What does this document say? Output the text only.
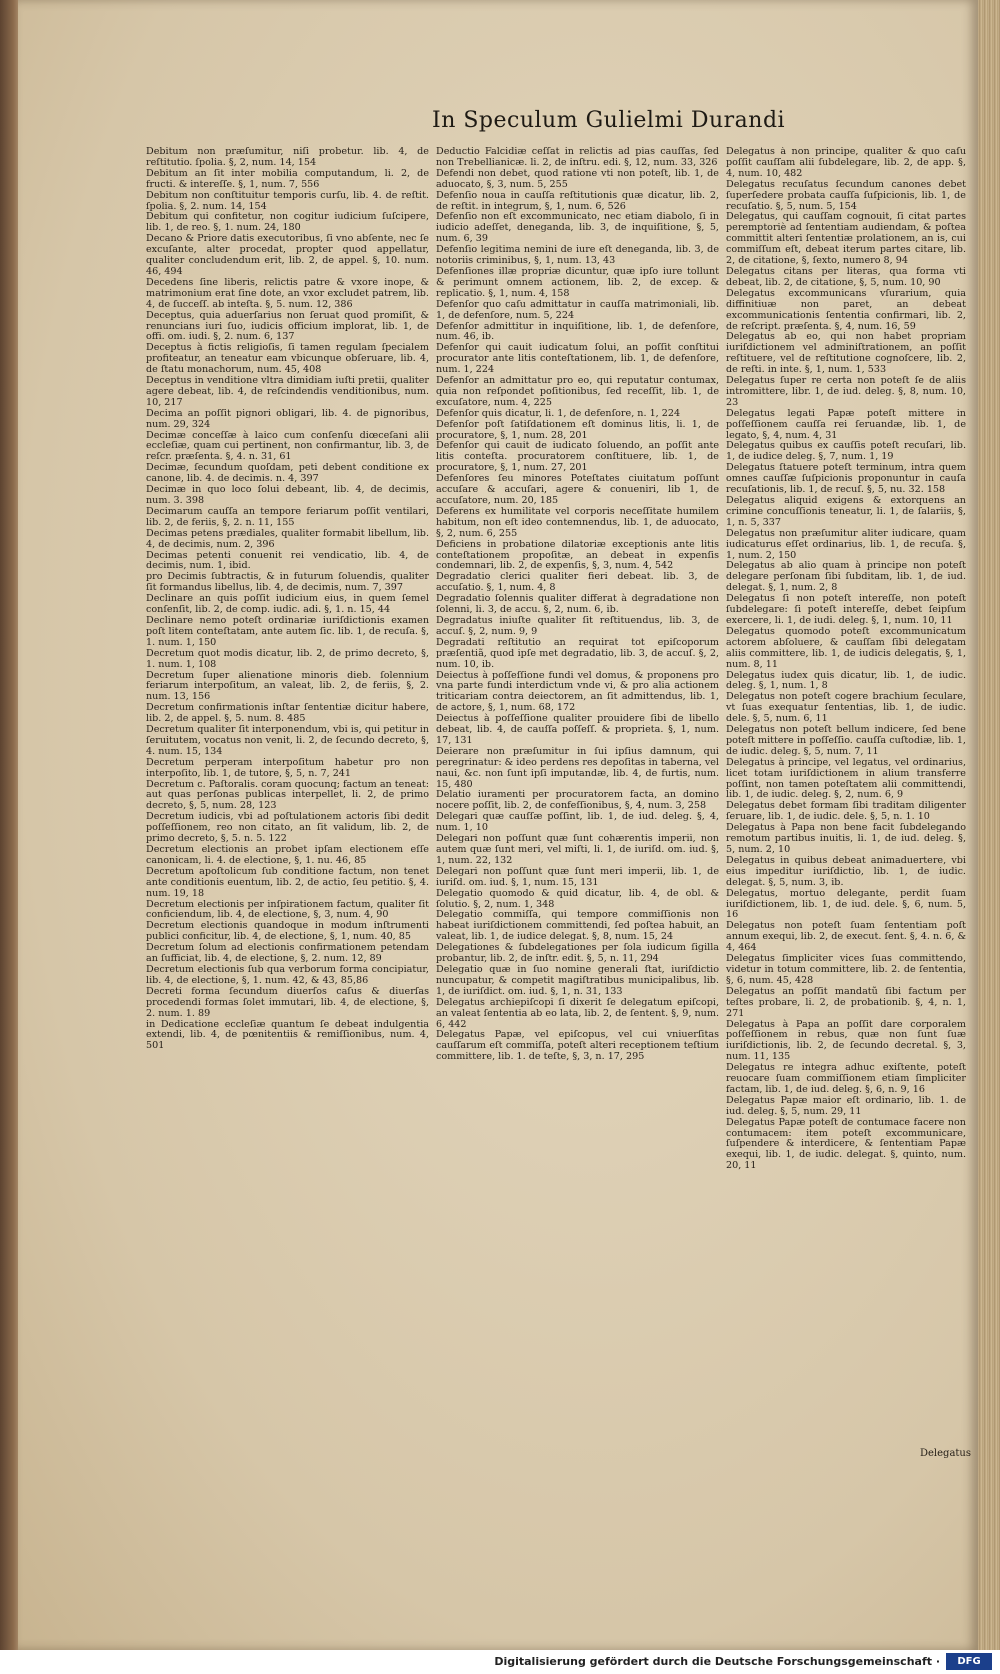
In Speculum Gulielmi Durandi
Debitum non præſumitur, niſi probetur. lib. 4, de reſtitutio. ſpolia. §, 2, num. 14, 154
Debitum an ſit inter mobilia computandum, li. 2, de fructi. & intereſſe. §, 1, num. 7, 556
Debitum non conſtituitur temporis curſu, lib. 4. de reſtit. ſpolia. §, 2. num. 14, 154
Debitum qui confitetur, non cogitur iudicium ſuſcipere, lib. 1, de reo. §, 1. num. 24, 180
Decano & Priore datis executoribus, ſi vno abſente, nec ſe excuſante, alter procedat, propter quod appellatur, qualiter concludendum erit, lib. 2, de appel. §, 10. num. 46, 494
Decedens ſine liberis, relictis patre & vxore inope, & matrimonium erat ſine dote, an vxor excludet patrem, lib. 4, de ſucceſſ. ab inteſta. §, 5. num. 12, 386
Deceptus, quia aduerſarius non ſeruat quod promiſit, & renuncians iuri ſuo, iudicis officium implorat, lib. 1, de offi. om. iudi. §, 2. num. 6, 137
Deceptus à fictis religioſis, ſi tamen regulam ſpecialem profiteatur, an teneatur eam vbicunque obſeruare, lib. 4, de ſtatu monachorum, num. 45, 408
Deceptus in venditione vltra dimidiam iuſti pretii, qualiter agere debeat, lib. 4, de reſcindendis venditionibus, num. 10, 217
Decima an poſſit pignori obligari, lib. 4. de pignoribus, num. 29, 324
Decimæ conceſſæ à laico cum conſenſu diœceſani alii eccleſiæ, quam cui pertinent, non confirmantur, lib. 3, de reſcr. præſenta. §, 4. n. 31, 61
Decimæ, ſecundum quoſdam, peti debent conditione ex canone, lib. 4. de decimis. n. 4, 397
Decimæ in quo loco ſolui debeant, lib. 4, de decimis, num. 3. 398
Decimarum cauſſa an tempore feriarum poſſit ventilari, lib. 2, de feriis, §, 2. n. 11, 155
Decimas petens prædiales, qualiter formabit libellum, lib. 4, de decimis, num. 2, 396
Decimas petenti conuenit rei vendicatio, lib. 4, de decimis, num. 1, ibid.
pro Decimis ſubtractis, & in futurum ſoluendis, qualiter ſit formandus libellus, lib. 4, de decimis, num. 7, 397
Declinare an quis poſſit iudicium eius, in quem ſemel conſenſit, lib. 2, de comp. iudic. adi. §, 1. n. 15, 44
Declinare nemo poteſt ordinariæ iuriſdictionis examen poſt litem conteſtatam, ante autem ſic. lib. 1, de recuſa. §, 1. num. 1, 150
Decretum quot modis dicatur, lib. 2, de primo decreto, §, 1. num. 1, 108
Decretum ſuper alienatione minoris dieb. ſolennium feriarum interpoſitum, an valeat, lib. 2, de feriis, §, 2. num. 13, 156
Decretum confirmationis inſtar ſententiæ dicitur habere, lib. 2, de appel. §, 5. num. 8. 485
Decretum qualiter ſit interponendum, vbi is, qui petitur in ſeruitutem, vocatus non venit, li. 2, de ſecundo decreto, §, 4. num. 15, 134
Decretum perperam interpoſitum habetur pro non interpoſito, lib. 1, de tutore, §, 5, n. 7, 241
Decretum c. Paſtoralis. coram quocunq; factum an teneat: aut quas perſonas publicas interpellet, li. 2, de primo decreto, §, 5, num. 28, 123
Decretum iudicis, vbi ad poſtulationem actoris ſibi dedit poſſeſſionem, reo non citato, an ſit validum, lib. 2, de primo decreto, §, 5. n. 5. 122
Decretum electionis an probet ipſam electionem eſſe canonicam, li. 4. de electione, §, 1. nu. 46, 85
Decretum apoſtolicum ſub conditione factum, non tenet ante conditionis euentum, lib. 2, de actio, ſeu petitio. §, 4. num. 19, 18
Decretum electionis per inſpirationem factum, qualiter ſit conficiendum, lib. 4, de electione, §, 3, num. 4, 90
Decretum electionis quandoque in modum inſtrumenti publici conficitur, lib. 4, de electione, §, 1, num. 40, 85
Decretum ſolum ad electionis confirmationem petendam an ſufficiat, lib. 4, de electione, §, 2. num. 12, 89
Decretum electionis ſub qua verborum forma concipiatur, lib. 4, de electione, §, 1. num. 42, & 43, 85,86
Decreti forma ſecundum diuerſos caſus & diuerſas procedendi formas ſolet immutari, lib. 4, de electione, §, 2. num. 1. 89
in Dedicatione eccleſiæ quantum ſe debeat indulgentia extendi, lib. 4, de pœnitentiis & remiſſionibus, num. 4, 501
Deductio Falcidiæ ceſſat in relictis ad pias cauſſas, ſed non Trebellianicæ. li. 2, de inſtru. edi. §, 12, num. 33, 326
Defendi non debet, quod ratione vti non poteſt, lib. 1, de aduocato, §, 3, num. 5, 255
Defenſio noua in cauſſa reſtitutionis quæ dicatur, lib. 2, de reſtit. in integrum, §, 1, num. 6, 526
Defenſio non eſt excommunicato, nec etiam diabolo, ſi in iudicio adeſſet, deneganda, lib. 3, de inquiſitione, §, 5, num. 6, 39
Defenſio legitima nemini de iure eſt deneganda, lib. 3, de notoriis criminibus, §, 1, num. 13, 43
Defenſiones illæ propriæ dicuntur, quæ ipſo iure tollunt & perimunt omnem actionem, lib. 2, de excep. & replicatio. §, 1, num. 4, 158
Defenſor quo caſu admittatur in cauſſa matrimoniali, lib. 1, de defenſore, num. 5, 224
Defenſor admittitur in inquiſitione, lib. 1, de defenſore, num. 46, ib.
Defenſor qui cauit iudicatum ſolui, an poſſit conſtitui procurator ante litis conteſtationem, lib. 1, de defenſore, num. 1, 224
Defenſor an admittatur pro eo, qui reputatur contumax, quia non reſpondet poſitionibus, ſed receſſit, lib. 1, de excuſatore, num. 4, 225
Defenſor quis dicatur, li. 1, de defenſore, n. 1, 224
Defenſor poſt ſatiſdationem eſt dominus litis, li. 1, de procuratore, §, 1, num. 28, 201
Defenſor qui cauit de iudicato ſoluendo, an poſſit ante litis conteſta. procuratorem conſtituere, lib. 1, de procuratore, §, 1, num. 27, 201
Defenſores ſeu minores Poteſtates ciuitatum poſſunt accuſare & accuſari, agere & conueniri, lib 1, de accuſatore, num. 20, 185
Deferens ex humilitate vel corporis neceſſitate humilem habitum, non eſt ideo contemnendus, lib. 1, de aduocato, §, 2, num. 6, 255
Deficiens in probatione dilatoriæ exceptionis ante litis conteſtationem propoſitæ, an debeat in expenſis condemnari, lib. 2, de expenſis, §, 3, num. 4, 542
Degradatio clerici qualiter fieri debeat. lib. 3, de accuſatio. §, 1, num. 4, 8
Degradatio ſolennis qualiter differat à degradatione non ſolenni, li. 3, de accu. §, 2, num. 6, ib.
Degradatus iniuſte qualiter ſit reſtituendus, lib. 3, de accuſ. §, 2, num. 9, 9
Degradati reſtitutio an requirat tot epiſcoporum præſentiã, quod ipſe met degradatio, lib. 3, de accuſ. §, 2, num. 10, ib.
Deiectus à poſſeſſione fundi vel domus, & proponens pro vna parte fundi interdictum vnde vi, & pro alia actionem triticariam contra deiectorem, an ſit admittendus, lib. 1, de actore, §, 1, num. 68, 172
Deiectus à poſſeſſione qualiter prouidere ſibi de libello debeat, lib. 4, de cauſſa poſſeſſ. & proprieta. §, 1, num. 17, 131
Deierare non præſumitur in ſui ipſius damnum, qui peregrinatur: & ideo perdens res depoſitas in taberna, vel naui, &c. non ſunt ipſi imputandæ, lib. 4, de furtis, num. 15, 480
Delatio iuramenti per procuratorem facta, an domino nocere poſſit, lib. 2, de confeſſionibus, §, 4, num. 3, 258
Delegari quæ cauſſæ poſſint, lib. 1, de iud. deleg. §, 4, num. 1, 10
Delegari non poſſunt quæ ſunt cohærentis imperii, non autem quæ ſunt meri, vel miſti, li. 1, de iuriſd. om. iud. §, 1, num. 22, 132
Delegari non poſſunt quæ ſunt meri imperii, lib. 1, de iuriſd. om. iud. §, 1, num. 15, 131
Delegatio quomodo & quid dicatur, lib. 4, de obl. & ſolutio. §, 2, num. 1, 348
Delegatio commiſſa, qui tempore commiſſionis non habeat iuriſdictionem committendi, ſed poſtea habuit, an valeat, lib. 1, de iudice delegat. §, 8, num. 15, 24
Delegationes & ſubdelegationes per ſola iudicum ſigilla probantur, lib. 2, de inſtr. edit. §, 5, n. 11, 294
Delegatio quæ in ſuo nomine generali ſtat, iuriſdictio nuncupatur, & competit magiſtratibus municipalibus, lib. 1, de iuriſdict. om. iud. §, 1, n. 31, 133
Delegatus archiepiſcopi ſi dixerit ſe delegatum epiſcopi, an valeat ſententia ab eo lata, lib. 2, de ſentent. §, 9, num. 6, 442
Delegatus Papæ, vel epiſcopus, vel cui vniuerſitas cauſſarum eſt commiſſa, poteſt alteri receptionem teſtium committere, lib. 1. de teſte, §, 3, n. 17, 295
Delegatus à non principe, qualiter & quo caſu poſſit cauſſam alii ſubdelegare, lib. 2, de app. §, 4, num. 10, 482
Delegatus recuſatus ſecundum canones debet ſuperſedere probata cauſſa ſuſpicionis, lib. 1, de recuſatio. §, 5, num. 5, 154
Delegatus, qui cauſſam cognouit, ſi citat partes peremptoriè ad ſententiam audiendam, & poſtea committit alteri ſententiæ prolationem, an is, cui commiſſum eſt, debeat iterum partes citare, lib. 2, de citatione, §, ſexto, numero 8, 94
Delegatus citans per literas, qua forma vti debeat, lib. 2, de citatione, §, 5, num. 10, 90
Delegatus excommunicans vſurarium, quia diffinitiuæ non paret, an debeat excommunicationis ſententia confirmari, lib. 2, de reſcript. præſenta. §, 4, num. 16, 59
Delegatus ab eo, qui non habet propriam iuriſdictionem vel adminiſtrationem, an poſſit reſtituere, vel de reſtitutione cognoſcere, lib. 2, de reſti. in inte. §, 1, num. 1, 533
Delegatus ſuper re certa non poteſt ſe de aliis intromittere, libr. 1, de iud. deleg. §, 8, num. 10, 23
Delegatus legati Papæ poteſt mittere in poſſeſſionem cauſſa rei ſeruandæ, lib. 1, de legato, §, 4, num. 4, 31
Delegatus quibus ex cauſſis poteſt recuſari, lib. 1, de iudice deleg. §, 7, num. 1, 19
Delegatus ſtatuere poteſt terminum, intra quem omnes cauſſæ ſuſpicionis proponuntur in cauſa recuſationis, lib. 1, de recuſ. §, 5, nu. 32. 158
Delegatus aliquid exigens & extorquens an crimine concuſſionis teneatur, li. 1, de ſalariis, §, 1, n. 5, 337
Delegatus non præſumitur aliter iudicare, quam iudicaturus eſſet ordinarius, lib. 1, de recuſa. §, 1, num. 2, 150
Delegatus ab alio quam à principe non poteſt delegare perſonam ſibi ſubditam, lib. 1, de iud. delegat. §, 1, num. 2, 8
Delegatus ſi non poteſt intereſſe, non poteſt ſubdelegare: ſi poteſt intereſſe, debet ſeipſum exercere, li. 1, de iudi. deleg. §, 1, num. 10, 11
Delegatus quomodo poteſt excommunicatum actorem abſoluere, & cauſſam ſibi delegatam aliis committere, lib. 1, de iudicis delegatis, §, 1, num. 8, 11
Delegatus iudex quis dicatur, lib. 1, de iudic. deleg. §, 1, num. 1, 8
Delegatus non poteſt cogere brachium ſeculare, vt ſuas exequatur ſententias, lib. 1, de iudic. dele. §, 5, num. 6, 11
Delegatus non poteſt bellum indicere, ſed bene poteſt mittere in poſſeſſio. cauſſa cuſtodiæ, lib. 1, de iudic. deleg. §, 5, num. 7, 11
Delegatus à principe, vel legatus, vel ordinarius, licet totam iuriſdictionem in alium transferre poſſint, non tamen poteſtatem alii committendi, lib. 1, de iudic. deleg. §, 2, num. 6, 9
Delegatus debet formam ſibi traditam diligenter ſeruare, lib. 1, de iudic. dele. §, 5, n. 1. 10
Delegatus à Papa non bene facit ſubdelegando remotum partibus inuitis, li. 1, de iud. deleg. §, 5, num. 2, 10
Delegatus in quibus debeat animaduertere, vbi eius impeditur iuriſdictio, lib. 1, de iudic. delegat. §, 5, num. 3, ib.
Delegatus, mortuo delegante, perdit ſuam iuriſdictionem, lib. 1, de iud. dele. §, 6, num. 5, 16
Delegatus non poteſt ſuam ſententiam poſt annum exequi, lib. 2, de execut. ſent. §, 4. n. 6, & 4, 464
Delegatus ſimpliciter vices ſuas committendo, videtur in totum committere, lib. 2. de ſententia, §, 6, num. 45, 428
Delegatus an poſſit mandatũ ſibi factum per teſtes probare, li. 2, de probationib. §, 4, n. 1, 271
Delegatus à Papa an poſſit dare corporalem poſſeſſionem in rebus, quæ non ſunt ſuæ iuriſdictionis, lib. 2, de ſecundo decretal. §, 3, num. 11, 135
Delegatus re integra adhuc exiſtente, poteſt reuocare ſuam commiſſionem etiam ſimpliciter factam, lib. 1, de iud. deleg. §, 6, n. 9, 16
Delegatus Papæ maior eſt ordinario, lib. 1. de iud. deleg. §, 5, num. 29, 11
Delegatus Papæ poteſt de contumace facere non contumacem: item poteſt excommunicare, ſuſpendere & interdicere, & ſententiam Papæ exequi, lib. 1, de iudic. delegat. §, quinto, num. 20, 11
Delegatus
Digitalisierung gefördert durch die Deutsche Forschungsgemeinschaft ·	DFG
